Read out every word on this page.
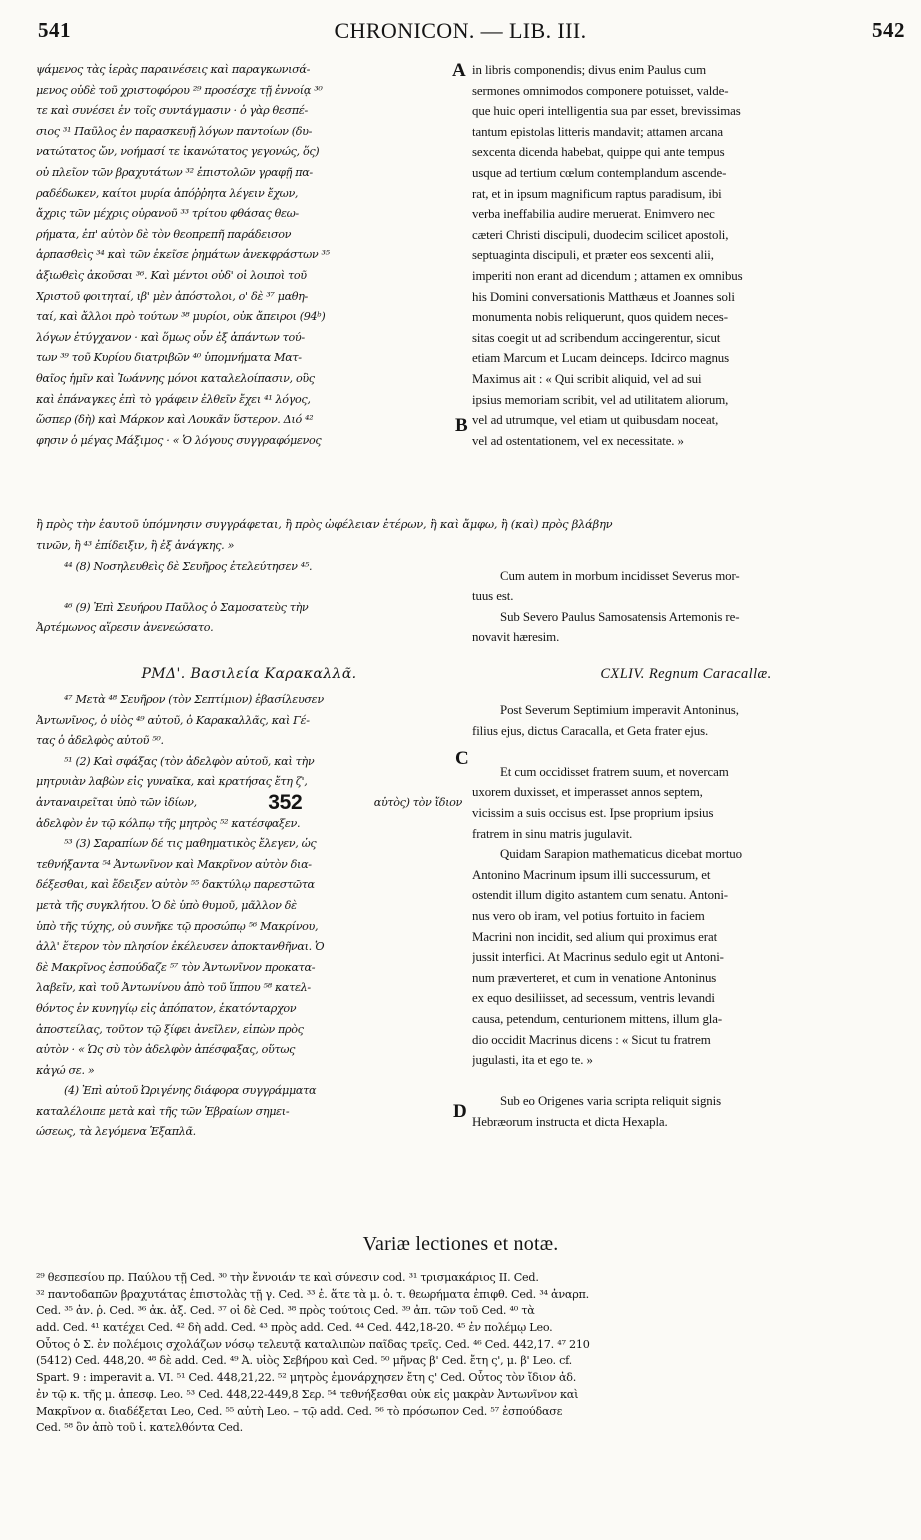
541	CHRONICON. — LIB. III.	542
A
B
C
D
ψάμενος τὰς ἱερὰς παραινέσεις καὶ παραγκωνισά-
μενος οὐδὲ τοῦ χριστοφόρου ²⁹ προσέσχε τῇ ἐννοίᾳ ³⁰
τε καὶ συνέσει ἐν τοῖς συντάγμασιν · ὁ γὰρ θεσπέ-
σιος ³¹ Παῦλος ἐν παρασκευῇ λόγων παντοίων (δυ-
νατώτατος ὤν, νοήμασί τε ἱκανώτατος γεγονώς, ὅς)
οὐ πλεῖον τῶν βραχυτάτων ³² ἐπιστολῶν γραφῇ πα-
ραδέδωκεν, καίτοι μυρία ἀπόῤῥητα λέγειν ἔχων,
ἄχρις τῶν μέχρις οὐρανοῦ ³³ τρίτου φθάσας θεω-
ρήματα, ἐπ' αὐτὸν δὲ τὸν θεοπρεπῆ παράδεισον
ἁρπασθεὶς ³⁴ καὶ τῶν ἐκεῖσε ῥημάτων ἀνεκφράστων ³⁵
ἀξιωθεὶς ἀκοῦσαι ³⁶. Καὶ μέντοι οὐδ' οἱ λοιποὶ τοῦ
Χριστοῦ φοιτηταί, ιβ' μὲν ἀπόστολοι, ο' δὲ ³⁷ μαθη-
ταί, καὶ ἄλλοι πρὸ τούτων ³⁸ μυρίοι, οὐκ ἄπειροι (94ᵇ)
λόγων ἐτύγχανον · καὶ ὅμως οὖν ἐξ ἁπάντων τού-
των ³⁹ τοῦ Κυρίου διατριβῶν ⁴⁰ ὑπομνήματα Ματ-
θαῖος ἡμῖν καὶ Ἰωάννης μόνοι καταλελοίπασιν, οὓς
καὶ ἐπάναγκες ἐπὶ τὸ γράφειν ἐλθεῖν ἔχει ⁴¹ λόγος,
ὥσπερ (δὴ) καὶ Μάρκον καὶ Λουκᾶν ὕστερον. Διό ⁴²
φησιν ὁ μέγας Μάξιμος · « Ὁ λόγους συγγραφόμενος
in libris componendis; divus enim Paulus cum
sermones omnimodos componere potuisset, valde-
que huic operi intelligentia sua par esset, brevissimas
tantum epistolas litteris mandavit; attamen arcana
sexcenta dicenda habebat, quippe qui ante tempus
usque ad tertium cœlum contemplandum ascende-
rat, et in ipsum magnificum raptus paradisum, ibi
verba ineffabilia audire meruerat. Enimvero nec
cæteri Christi discipuli, duodecim scilicet apostoli,
septuaginta discipuli, et præter eos sexcenti alii,
imperiti non erant ad dicendum ; attamen ex omnibus
his Domini conversationis Matthæus et Joannes soli
monumenta nobis reliquerunt, quos quidem neces-
sitas coegit ut ad scribendum accingerentur, sicut
etiam Marcum et Lucam deinceps. Idcirco magnus
Maximus ait : « Qui scribit aliquid, vel ad sui
ipsius memoriam scribit, vel ad utilitatem aliorum,
vel ad utrumque, vel etiam ut quibusdam noceat,
vel ad ostentationem, vel ex necessitate. »
ἢ πρὸς τὴν ἑαυτοῦ ὑπόμνησιν συγγράφεται, ἢ πρὸς ὠφέλειαν ἑτέρων, ἢ καὶ ἄμφω, ἢ (καὶ) πρὸς βλάβην
τινῶν, ἢ ⁴³ ἐπίδειξιν, ἢ ἐξ ἀνάγκης. »
⁴⁴ (8) Νοσηλευθεὶς δὲ Σευῆρος ἐτελεύτησεν ⁴⁵.
⁴⁶ (9) Ἐπὶ Σευήρου Παῦλος ὁ Σαμοσατεὺς τὴν
Ἀρτέμωνος αἵρεσιν ἀνενεώσατο.
Cum autem in morbum incidisset Severus mor-
tuus est.
Sub Severo Paulus Samosatensis Artemonis re-
novavit hæresim.
ΡΜΔ'. Βασιλεία Καρακαλλᾶ.	CXLIV. Regnum Caracallæ.
⁴⁷ Μετὰ ⁴⁸ Σευῆρον (τὸν Σεπτίμιον) ἐβασίλευσεν
Ἀντωνῖνος, ὁ υἱὸς ⁴⁹ αὐτοῦ, ὁ Καρακαλλᾶς, καὶ Γέ-
τας ὁ ἀδελφὸς αὐτοῦ ⁵⁰.
⁵¹ (2) Καὶ σφάξας (τὸν ἀδελφὸν αὐτοῦ, καὶ τὴν
μητρυιὰν λαβὼν εἰς γυναῖκα, καὶ κρατήσας ἔτη ζ',
ἀνταναιρεῖται ὑπὸ τῶν ἰδίων,	352	αὐτὸς) τὸν ἴδιον
ἀδελφὸν ἐν τῷ κόλπῳ τῆς μητρὸς ⁵² κατέσφαξεν.
⁵³ (3) Σαραπίων δέ τις μαθηματικὸς ἔλεγεν, ὡς
τεθνήξαντα ⁵⁴ Ἀντωνῖνον καὶ Μακρῖνον αὐτὸν δια-
δέξεσθαι, καὶ ἔδειξεν αὐτὸν ⁵⁵ δακτύλῳ παρεστῶτα
μετὰ τῆς συγκλήτου. Ὁ δὲ ὑπὸ θυμοῦ, μᾶλλον δὲ
ὑπὸ τῆς τύχης, οὐ συνῆκε τῷ προσώπῳ ⁵⁶ Μακρίνου,
ἀλλ' ἕτερον τὸν πλησίον ἐκέλευσεν ἀποκτανθῆναι. Ὁ
δὲ Μακρῖνος ἐσπούδαζε ⁵⁷ τὸν Ἀντωνῖνον προκατα-
λαβεῖν, καὶ τοῦ Ἀντωνίνου ἀπὸ τοῦ ἵππου ⁵⁸ κατελ-
θόντος ἐν κυνηγίῳ εἰς ἀπόπατον, ἑκατόνταρχον
ἀποστείλας, τοῦτον τῷ ξίφει ἀνεῖλεν, εἰπὼν πρὸς
αὐτὸν · « Ὡς σὺ τὸν ἀδελφὸν ἀπέσφαξας, οὕτως
κἀγώ σε. »
(4) Ἐπὶ αὐτοῦ Ὠριγένης διάφορα συγγράμματα
καταλέλοιπε μετὰ καὶ τῆς τῶν Ἑβραίων σημει-
ώσεως, τὰ λεγόμενα Ἑξαπλᾶ.
Post Severum Septimium imperavit Antoninus,
filius ejus, dictus Caracalla, et Geta frater ejus.
Et cum occidisset fratrem suum, et novercam
uxorem duxisset, et imperasset annos septem,
vicissim a suis occisus est. Ipse proprium ipsius
fratrem in sinu matris jugulavit.
Quidam Sarapion mathematicus dicebat mortuo
Antonino Macrinum ipsum illi successurum, et
ostendit illum digito astantem cum senatu. Antoni-
nus vero ob iram, vel potius fortuito in faciem
Macrini non incidit, sed alium qui proximus erat
jussit interfici. At Macrinus sedulo egit ut Antoni-
num præverteret, et cum in venatione Antoninus
ex equo desiliisset, ad secessum, ventris levandi
causa, petendum, centurionem mittens, illum gla-
dio occidit Macrinus dicens : « Sicut tu fratrem
jugulasti, ita et ego te. »
Sub eo Origenes varia scripta reliquit signis
Hebræorum instructa et dicta Hexapla.
Variæ lectiones et notæ.
²⁹ θεσπεσίου πρ. Παύλου τῇ Ced. ³⁰ τὴν ἔννοιάν τε καὶ σύνεσιν cod. ³¹ τρισμακάριος II. Ced.
³² παντοδαπῶν βραχυτάτας ἐπιστολὰς τῇ γ. Ced. ³³ ἐ. ἅτε τὰ μ. ὁ. τ. θεωρήματα ἐπιφθ. Ced. ³⁴ ἀναρπ.
Ced. ³⁵ ἀν. ῥ. Ced. ³⁶ ἀκ. ἀξ. Ced. ³⁷ οἱ δὲ Ced. ³⁸ πρὸς τούτοις Ced. ³⁹ ἀπ. τῶν τοῦ Ced. ⁴⁰ τὰ
add. Ced. ⁴¹ κατέχει Ced. ⁴² δὴ add. Ced. ⁴³ πρὸς add. Ced. ⁴⁴ Ced. 442,18-20. ⁴⁵ ἐν πολέμῳ Leo.
Οὗτος ὁ Σ. ἐν πολέμοις σχολάζων νόσῳ τελευτᾷ καταλιπὼν παῖδας τρεῖς. Ced. ⁴⁶ Ced. 442,17. ⁴⁷ 210
(5412) Ced. 448,20. ⁴⁸ δὲ add. Ced. ⁴⁹ Ἀ. υἱὸς Σεβήρου καὶ Ced. ⁵⁰ μῆνας β' Ced. ἔτη ς', μ. β' Leo. cf.
Spart. 9 : imperavit a. VI. ⁵¹ Ced. 448,21,22. ⁵² μητρὸς ἐμονάρχησεν ἔτη ς' Ced. Οὗτος τὸν ἴδιον ἀδ.
ἐν τῷ κ. τῆς μ. ἀπεσφ. Leo. ⁵³ Ced. 448,22-449,8 Σερ. ⁵⁴ τεθνήξεσθαι οὐκ εἰς μακρὰν Ἀντωνῖνον καὶ
Μακρῖνον α. διαδέξεται Leo, Ced. ⁵⁵ αὐτὴ Leo. – τῷ add. Ced. ⁵⁶ τὸ πρόσωπον Ced. ⁵⁷ ἐσπούδασε
Ced. ⁵⁸ ὃν ἀπὸ τοῦ ἱ. κατελθόντα Ced.
